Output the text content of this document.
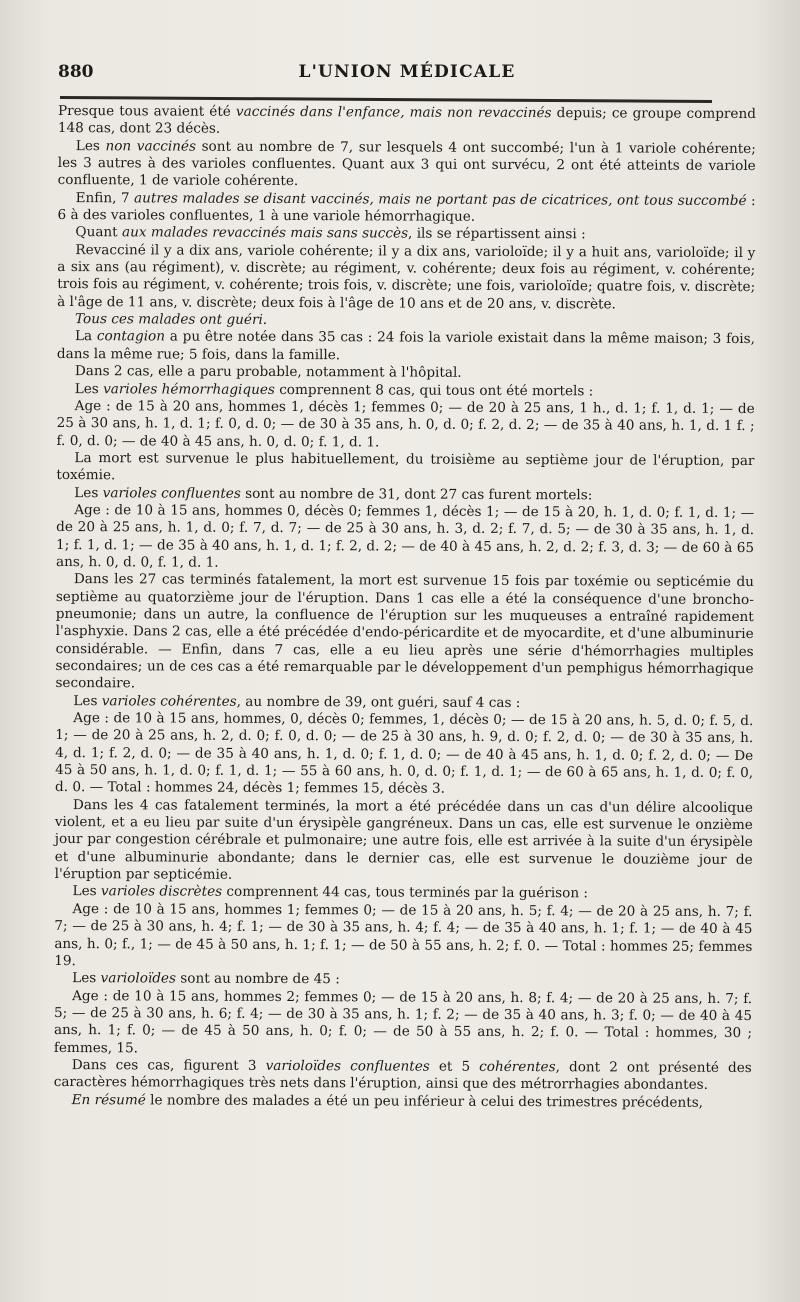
880	L'UNION MÉDICALE

Presque tous avaient été vaccinés dans l'enfance, mais non revaccinés depuis; ce groupe comprend 148 cas, dont 23 décès.

Les non vaccinés sont au nombre de 7, sur lesquels 4 ont succombé; l'un à 1 variole cohérente; les 3 autres à des varioles confluentes. Quant aux 3 qui ont survécu, 2 ont été atteints de variole confluente, 1 de variole cohérente.

Enfin, 7 autres malades se disant vaccinés, mais ne portant pas de cicatrices, ont tous succombé : 6 à des varioles confluentes, 1 à une variole hémorrhagique.

Quant aux malades revaccinés mais sans succès, ils se répartissent ainsi :

Revacciné il y a dix ans, variole cohérente; il y a dix ans, varioloïde; il y a huit ans, varioloïde; il y a six ans (au régiment), v. discrète; au régiment, v. cohérente; deux fois au régiment, v. cohérente; trois fois au régiment, v. cohérente; trois fois, v. discrète; une fois, varioloïde; quatre fois, v. discrète; à l'âge de 11 ans, v. discrète; deux fois à l'âge de 10 ans et de 20 ans, v. discrète.

Tous ces malades ont guéri.

La contagion a pu être notée dans 35 cas : 24 fois la variole existait dans la même maison; 3 fois, dans la même rue; 5 fois, dans la famille.

Dans 2 cas, elle a paru probable, notamment à l'hôpital.

Les varioles hémorrhagiques comprennent 8 cas, qui tous ont été mortels :

Age : de 15 à 20 ans, hommes 1, décès 1; femmes 0; — de 20 à 25 ans, 1 h., d. 1; f. 1, d. 1; — de 25 à 30 ans, h. 1, d. 1; f. 0, d. 0; — de 30 à 35 ans, h. 0, d. 0; f. 2, d. 2; — de 35 à 40 ans, h. 1, d. 1 f. ; f. 0, d. 0; — de 40 à 45 ans, h. 0, d. 0; f. 1, d. 1.

La mort est survenue le plus habituellement, du troisième au septième jour de l'éruption, par toxémie.

Les varioles confluentes sont au nombre de 31, dont 27 cas furent mortels:

Age : de 10 à 15 ans, hommes 0, décès 0; femmes 1, décès 1; — de 15 à 20, h. 1, d. 0; f. 1, d. 1; — de 20 à 25 ans, h. 1, d. 0; f. 7, d. 7; — de 25 à 30 ans, h. 3, d. 2; f. 7, d. 5; — de 30 à 35 ans, h. 1, d. 1; f. 1, d. 1; — de 35 à 40 ans, h. 1, d. 1; f. 2, d. 2; — de 40 à 45 ans, h. 2, d. 2; f. 3, d. 3; — de 60 à 65 ans, h. 0, d. 0, f. 1, d. 1.

Dans les 27 cas terminés fatalement, la mort est survenue 15 fois par toxémie ou septicémie du septième au quatorzième jour de l'éruption. Dans 1 cas elle a été la conséquence d'une broncho-pneumonie; dans un autre, la confluence de l'éruption sur les muqueuses a entraîné rapidement l'asphyxie. Dans 2 cas, elle a été précédée d'endo-péricardite et de myocardite, et d'une albuminurie considérable. — Enfin, dans 7 cas, elle a eu lieu après une série d'hémorrhagies multiples secondaires; un de ces cas a été remarquable par le développement d'un pemphigus hémorrhagique secondaire.

Les varioles cohérentes, au nombre de 39, ont guéri, sauf 4 cas :

Age : de 10 à 15 ans, hommes, 0, décès 0; femmes, 1, décès 0; — de 15 à 20 ans, h. 5, d. 0; f. 5, d. 1; — de 20 à 25 ans, h. 2, d. 0; f. 0, d. 0; — de 25 à 30 ans, h. 9, d. 0; f. 2, d. 0; — de 30 à 35 ans, h. 4, d. 1; f. 2, d. 0; — de 35 à 40 ans, h. 1, d. 0; f. 1, d. 0; — de 40 à 45 ans, h. 1, d. 0; f. 2, d. 0; — De 45 à 50 ans, h. 1, d. 0; f. 1, d. 1; — 55 à 60 ans, h. 0, d. 0; f. 1, d. 1; — de 60 à 65 ans, h. 1, d. 0; f. 0, d. 0. — Total : hommes 24, décès 1; femmes 15, décès 3.

Dans les 4 cas fatalement terminés, la mort a été précédée dans un cas d'un délire alcoolique violent, et a eu lieu par suite d'un érysipèle gangréneux. Dans un cas, elle est survenue le onzième jour par congestion cérébrale et pulmonaire; une autre fois, elle est arrivée à la suite d'un érysipèle et d'une albuminurie abondante; dans le dernier cas, elle est survenue le douzième jour de l'éruption par septicémie.

Les varioles discrètes comprennent 44 cas, tous terminés par la guérison :

Age : de 10 à 15 ans, hommes 1; femmes 0; — de 15 à 20 ans, h. 5; f. 4; — de 20 à 25 ans, h. 7; f. 7; — de 25 à 30 ans, h. 4; f. 1; — de 30 à 35 ans, h. 4; f. 4; — de 35 à 40 ans, h. 1; f. 1; — de 40 à 45 ans, h. 0; f., 1; — de 45 à 50 ans, h. 1; f. 1; — de 50 à 55 ans, h. 2; f. 0. — Total : hommes 25; femmes 19.

Les varioloïdes sont au nombre de 45 :

Age : de 10 à 15 ans, hommes 2; femmes 0; — de 15 à 20 ans, h. 8; f. 4; — de 20 à 25 ans, h. 7; f. 5; — de 25 à 30 ans, h. 6; f. 4; — de 30 à 35 ans, h. 1; f. 2; — de 35 à 40 ans, h. 3; f. 0; — de 40 à 45 ans, h. 1; f. 0; — de 45 à 50 ans, h. 0; f. 0; — de 50 à 55 ans, h. 2; f. 0. — Total : hommes, 30 ; femmes, 15.

Dans ces cas, figurent 3 varioloïdes confluentes et 5 cohérentes, dont 2 ont présenté des caractères hémorrhagiques très nets dans l'éruption, ainsi que des métrorrhagies abondantes.

En résumé le nombre des malades a été un peu inférieur à celui des trimestres précédents,
